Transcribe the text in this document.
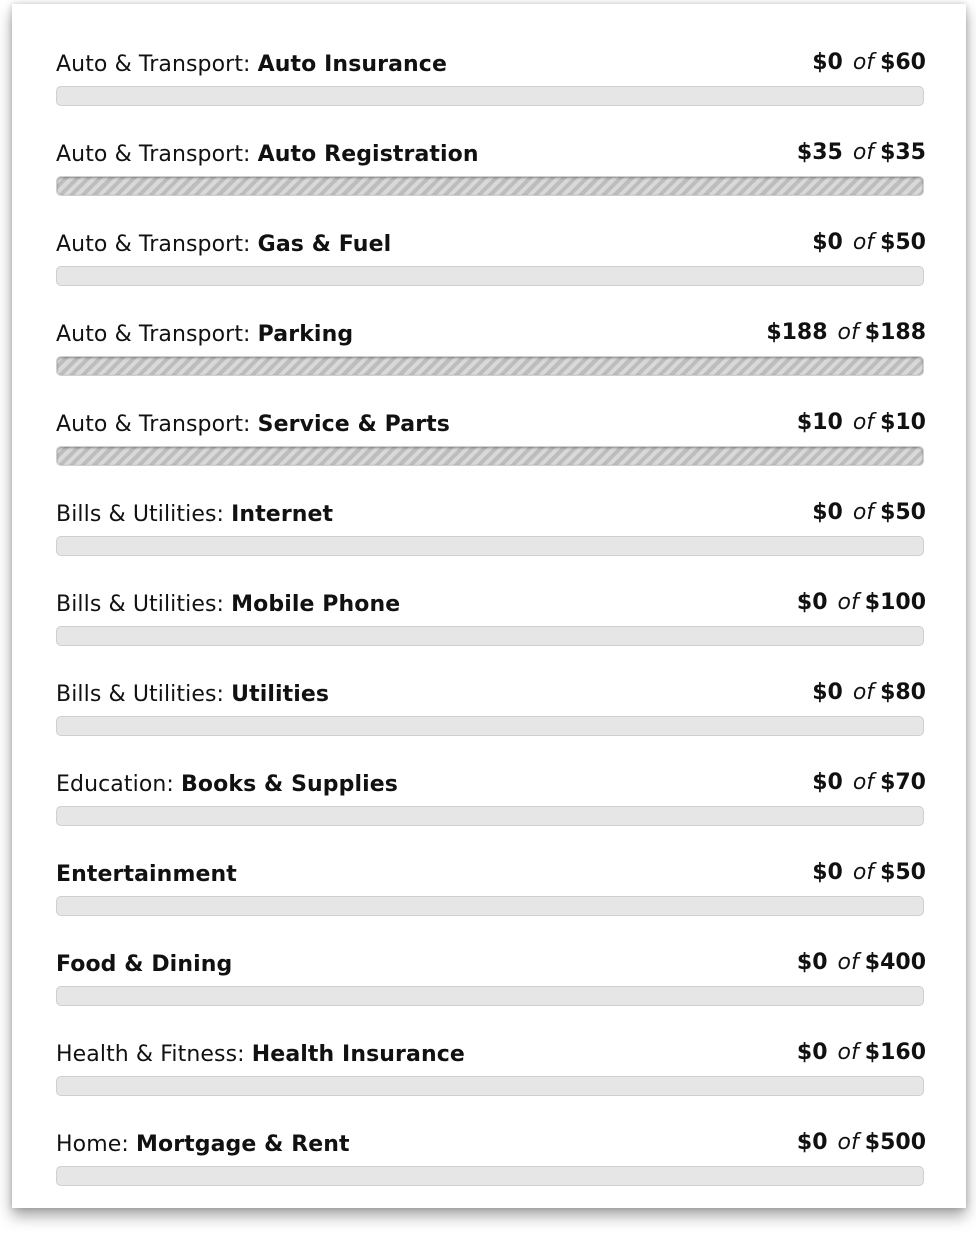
Auto & Transport: Auto Insurance	$0 of $60
Auto & Transport: Auto Registration	$35 of $35
Auto & Transport: Gas & Fuel	$0 of $50
Auto & Transport: Parking	$188 of $188
Auto & Transport: Service & Parts	$10 of $10
Bills & Utilities: Internet	$0 of $50
Bills & Utilities: Mobile Phone	$0 of $100
Bills & Utilities: Utilities	$0 of $80
Education: Books & Supplies	$0 of $70
Entertainment	$0 of $50
Food & Dining	$0 of $400
Health & Fitness: Health Insurance	$0 of $160
Home: Mortgage & Rent	$0 of $500
